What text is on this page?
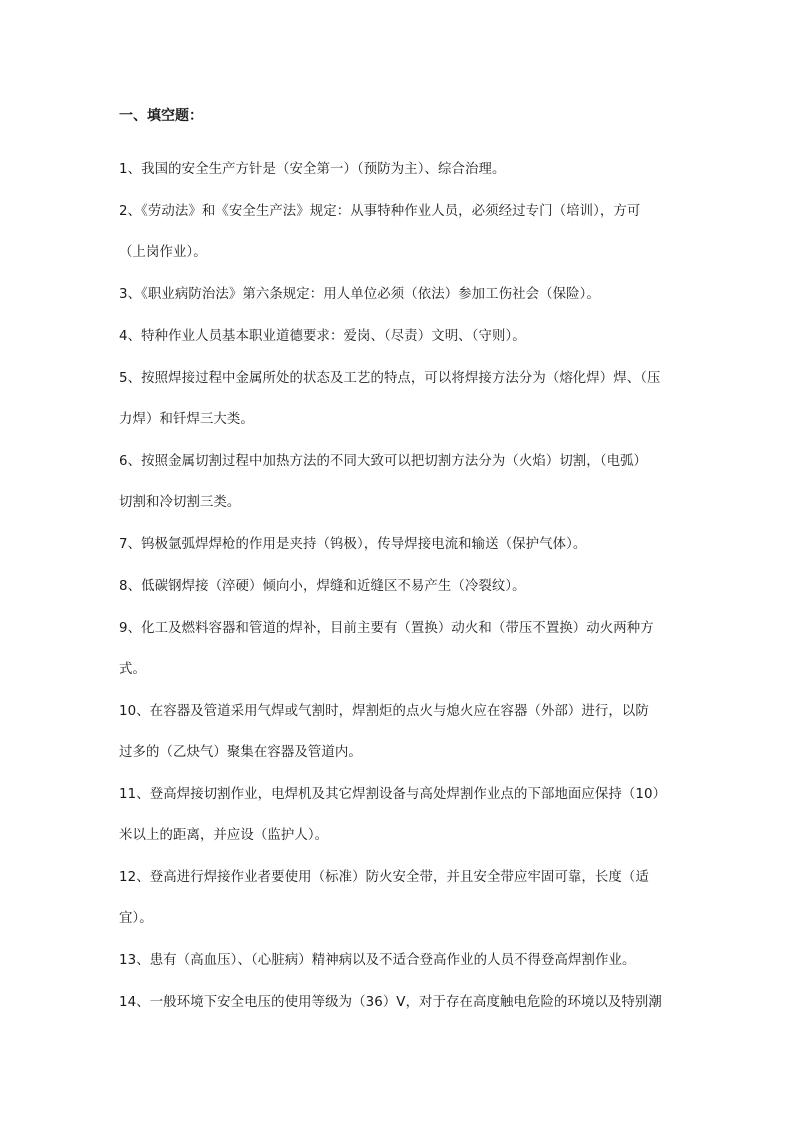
一、填空题：

1、我国的安全生产方针是（安全第一）（预防为主）、综合治理。

2、《劳动法》和《安全生产法》规定：从事特种作业人员，必须经过专门（培训），方可

（上岗作业）。

3、《职业病防治法》第六条规定：用人单位必须（依法）参加工伤社会（保险）。

4、特种作业人员基本职业道德要求：爱岗、（尽责）文明、（守则）。

5、按照焊接过程中金属所处的状态及工艺的特点，可以将焊接方法分为（熔化焊）焊、（压

力焊）和钎焊三大类。

6、按照金属切割过程中加热方法的不同大致可以把切割方法分为（火焰）切割，（电弧）

切割和冷切割三类。

7、钨极氩弧焊焊枪的作用是夹持（钨极），传导焊接电流和输送（保护气体）。

8、低碳钢焊接（淬硬）倾向小，焊缝和近缝区不易产生（冷裂纹）。

9、化工及燃料容器和管道的焊补，目前主要有（置换）动火和（带压不置换）动火两种方

式。

10、在容器及管道采用气焊或气割时，焊割炬的点火与熄火应在容器（外部）进行，以防

过多的（乙炔气）聚集在容器及管道内。

11、登高焊接切割作业，电焊机及其它焊割设备与高处焊割作业点的下部地面应保持（10）

米以上的距离，并应设（监护人）。

12、登高进行焊接作业者要使用（标准）防火安全带，并且安全带应牢固可靠，长度（适

宜）。

13、患有（高血压）、（心脏病）精神病以及不适合登高作业的人员不得登高焊割作业。

14、一般环境下安全电压的使用等级为（36）V，对于存在高度触电危险的环境以及特别潮
